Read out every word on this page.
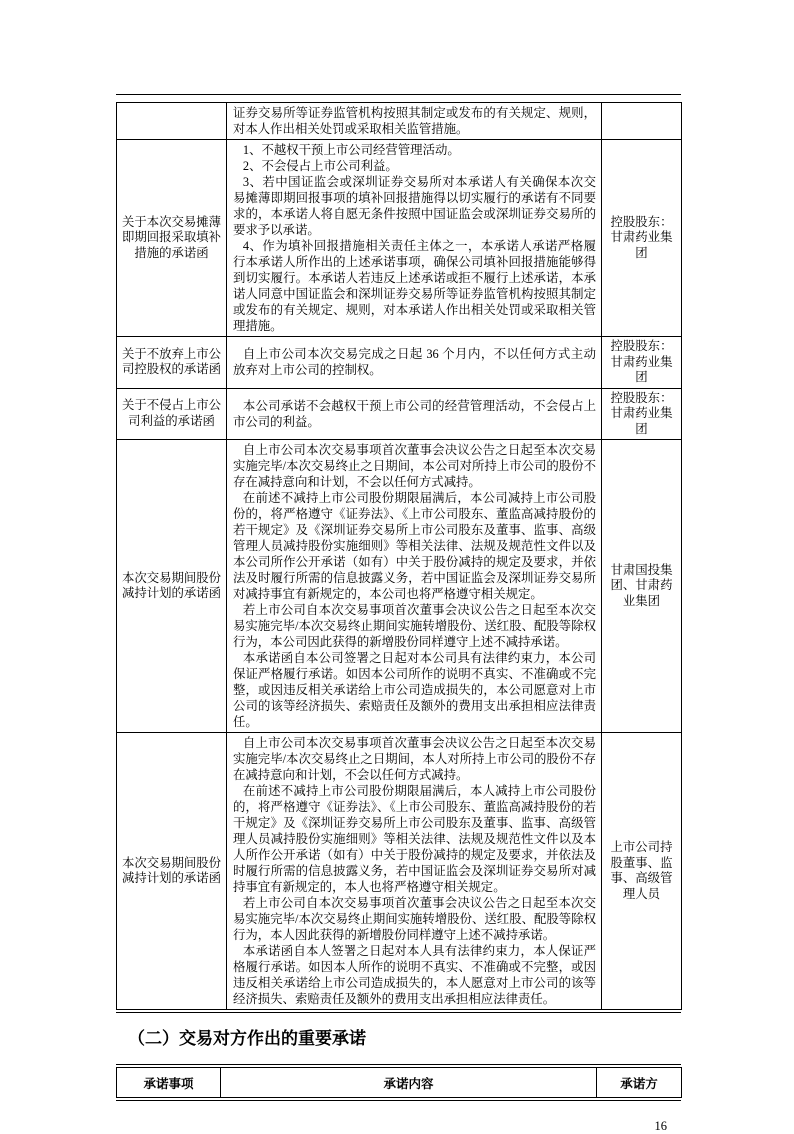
	证券交易所等证券监管机构按照其制定或发布的有关规定、规则，对本人作出相关处罚或采取相关监管措施。	

关于本次交易摊薄即期回报采取填补措施的承诺函	1、不越权干预上市公司经营管理活动。

2、不会侵占上市公司利益。

3、若中国证监会或深圳证券交易所对本承诺人有关确保本次交易摊薄即期回报事项的填补回报措施得以切实履行的承诺有不同要求的，本承诺人将自愿无条件按照中国证监会或深圳证券交易所的要求予以承诺。

4、作为填补回报措施相关责任主体之一，本承诺人承诺严格履行本承诺人所作出的上述承诺事项，确保公司填补回报措施能够得到切实履行。本承诺人若违反上述承诺或拒不履行上述承诺，本承诺人同意中国证监会和深圳证券交易所等证券监管机构按照其制定或发布的有关规定、规则，对本承诺人作出相关处罚或采取相关管理措施。	控股股东：甘肃药业集团
关于不放弃上市公司控股权的承诺函	自上市公司本次交易完成之日起 36 个月内，不以任何方式主动放弃对上市公司的控制权。	控股股东：甘肃药业集团
关于不侵占上市公司利益的承诺函	本公司承诺不会越权干预上市公司的经营管理活动，不会侵占上市公司的利益。	控股股东：甘肃药业集团
本次交易期间股份减持计划的承诺函	自上市公司本次交易事项首次董事会决议公告之日起至本次交易实施完毕/本次交易终止之日期间，本公司对所持上市公司的股份不存在减持意向和计划，不会以任何方式减持。

在前述不减持上市公司股份期限届满后，本公司减持上市公司股份的，将严格遵守《证券法》、《上市公司股东、董监高减持股份的若干规定》及《深圳证券交易所上市公司股东及董事、监事、高级管理人员减持股份实施细则》等相关法律、法规及规范性文件以及本公司所作公开承诺（如有）中关于股份减持的规定及要求，并依法及时履行所需的信息披露义务，若中国证监会及深圳证券交易所对减持事宜有新规定的，本公司也将严格遵守相关规定。

若上市公司自本次交易事项首次董事会决议公告之日起至本次交易实施完毕/本次交易终止期间实施转增股份、送红股、配股等除权行为，本公司因此获得的新增股份同样遵守上述不减持承诺。

本承诺函自本公司签署之日起对本公司具有法律约束力，本公司保证严格履行承诺。如因本公司所作的说明不真实、不准确或不完整，或因违反相关承诺给上市公司造成损失的，本公司愿意对上市公司的该等经济损失、索赔责任及额外的费用支出承担相应法律责任。	甘肃国投集团、甘肃药业集团
本次交易期间股份减持计划的承诺函	自上市公司本次交易事项首次董事会决议公告之日起至本次交易实施完毕/本次交易终止之日期间，本人对所持上市公司的股份不存在减持意向和计划，不会以任何方式减持。

在前述不减持上市公司股份期限届满后，本人减持上市公司股份的，将严格遵守《证券法》、《上市公司股东、董监高减持股份的若干规定》及《深圳证券交易所上市公司股东及董事、监事、高级管理人员减持股份实施细则》等相关法律、法规及规范性文件以及本人所作公开承诺（如有）中关于股份减持的规定及要求，并依法及时履行所需的信息披露义务，若中国证监会及深圳证券交易所对减持事宜有新规定的，本人也将严格遵守相关规定。

若上市公司自本次交易事项首次董事会决议公告之日起至本次交易实施完毕/本次交易终止期间实施转增股份、送红股、配股等除权行为，本人因此获得的新增股份同样遵守上述不减持承诺。

本承诺函自本人签署之日起对本人具有法律约束力，本人保证严格履行承诺。如因本人所作的说明不真实、不准确或不完整，或因违反相关承诺给上市公司造成损失的，本人愿意对上市公司的该等经济损失、索赔责任及额外的费用支出承担相应法律责任。	上市公司持股董事、监事、高级管理人员
（二）交易对方作出的重要承诺
承诺事项	承诺内容	承诺方
16
